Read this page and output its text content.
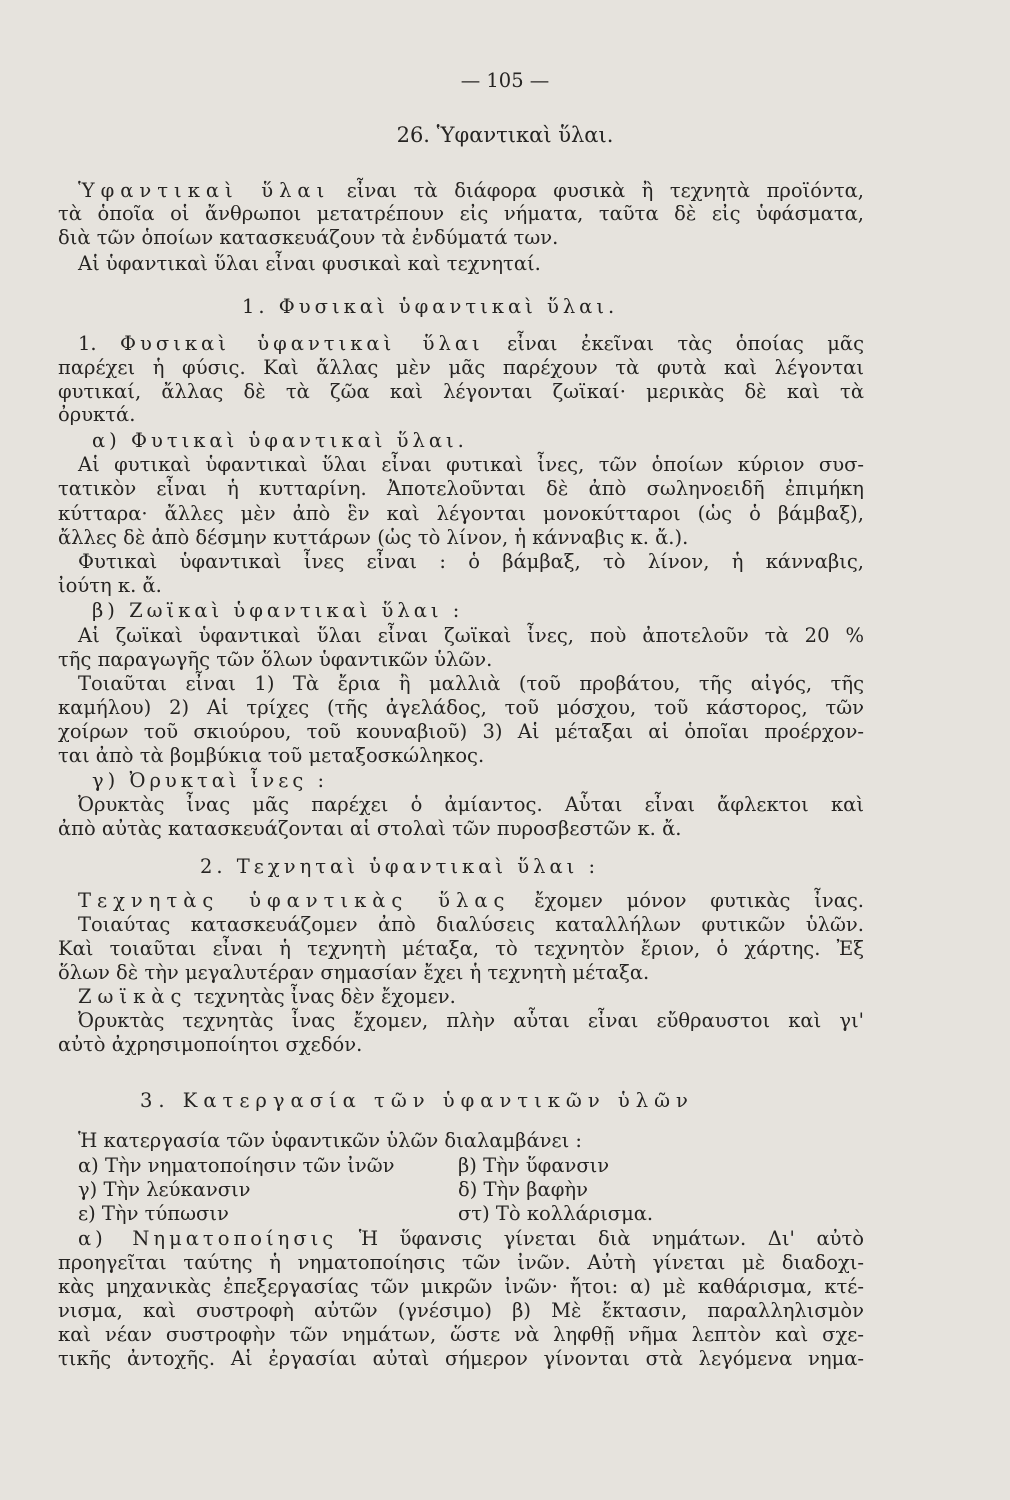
— 105 —
26. Ὑφαντικαὶ ὕλαι.
Ὑφαντικαὶ ὕλαι εἶναι τὰ διάφορα φυσικὰ ἢ τεχνητὰ προϊόντα,
τὰ ὁποῖα οἱ ἄνθρωποι μετατρέπουν εἰς νήματα, ταῦτα δὲ εἰς ὑφάσματα,
διὰ τῶν ὁποίων κατασκευάζουν τὰ ἐνδύματά των.
Αἱ ὑφαντικαὶ ὕλαι εἶναι φυσικαὶ καὶ τεχνηταί.
1. Φυσικαὶ ὑφαντικαὶ ὕλαι.
1. Φυσικαὶ ὑφαντικαὶ ὕλαι εἶναι ἐκεῖναι τὰς ὁποίας μᾶς
παρέχει ἡ φύσις. Καὶ ἄλλας μὲν μᾶς παρέχουν τὰ φυτὰ καὶ λέγονται
φυτικαί, ἄλλας δὲ τὰ ζῶα καὶ λέγονται ζωϊκαί· μερικὰς δὲ καὶ τὰ
ὀρυκτά.
α) Φυτικαὶ ὑφαντικαὶ ὕλαι.
Αἱ φυτικαὶ ὑφαντικαὶ ὕλαι εἶναι φυτικαὶ ἶνες, τῶν ὁποίων κύριον συσ-
τατικὸν εἶναι ἡ κυτταρίνη. Ἀποτελοῦνται δὲ ἀπὸ σωληνοειδῆ ἐπιμήκη
κύτταρα· ἄλλες μὲν ἀπὸ ἓν καὶ λέγονται μονοκύτταροι (ὡς ὁ βάμβαξ),
ἄλλες δὲ ἀπὸ δέσμην κυττάρων (ὡς τὸ λίνον, ἡ κάνναβις κ. ἄ.).
Φυτικαὶ ὑφαντικαὶ ἶνες εἶναι : ὁ βάμβαξ, τὸ λίνον, ἡ κάνναβις,
ἰούτη κ. ἄ.
β) Ζωϊκαὶ ὑφαντικαὶ ὕλαι :
Αἱ ζωϊκαὶ ὑφαντικαὶ ὕλαι εἶναι ζωϊκαὶ ἶνες, ποὺ ἀποτελοῦν τὰ 20 %
τῆς παραγωγῆς τῶν ὅλων ὑφαντικῶν ὑλῶν.
Τοιαῦται εἶναι 1) Τὰ ἔρια ἢ μαλλιὰ (τοῦ προβάτου, τῆς αἰγός, τῆς
καμήλου) 2) Αἱ τρίχες (τῆς ἀγελάδος, τοῦ μόσχου, τοῦ κάστορος, τῶν
χοίρων τοῦ σκιούρου, τοῦ κουναβιοῦ) 3) Αἱ μέταξαι αἱ ὁποῖαι προέρχον-
ται ἀπὸ τὰ βομβύκια τοῦ μεταξοσκώληκος.
γ) Ὀρυκταὶ ἶνες :
Ὀρυκτὰς ἶνας μᾶς παρέχει ὁ ἀμίαντος. Αὗται εἶναι ἄφλεκτοι καὶ
ἀπὸ αὐτὰς κατασκευάζονται αἱ στολαὶ τῶν πυροσβεστῶν κ. ἄ.
2. Τεχνηταὶ ὑφαντικαὶ ὕλαι :
Τεχνητὰς ὑφαντικὰς ὕλας ἔχομεν μόνον φυτικὰς ἶνας.
Τοιαύτας κατασκευάζομεν ἀπὸ διαλύσεις καταλλήλων φυτικῶν ὑλῶν.
Καὶ τοιαῦται εἶναι ἡ τεχνητὴ μέταξα, τὸ τεχνητὸν ἔριον, ὁ χάρτης. Ἐξ
ὅλων δὲ τὴν μεγαλυτέραν σημασίαν ἔχει ἡ τεχνητὴ μέταξα.
Ζωϊκὰς τεχνητὰς ἶνας δὲν ἔχομεν.
Ὀρυκτὰς τεχνητὰς ἶνας ἔχομεν, πλὴν αὗται εἶναι εὔθραυστοι καὶ γι'
αὐτὸ ἀχρησιμοποίητοι σχεδόν.
3. Κατεργασία τῶν ὑφαντικῶν ὑλῶν
Ἡ κατεργασία τῶν ὑφαντικῶν ὑλῶν διαλαμβάνει :
α) Τὴν νηματοποίησιν τῶν ἰνῶν	β) Τὴν ὕφανσιν
γ) Τὴν λεύκανσιν	δ) Τὴν βαφὴν
ε) Τὴν τύπωσιν	στ) Τὸ κολλάρισμα.
α) Νηματοποίησις Ἡ ὕφανσις γίνεται διὰ νημάτων. Δι' αὐτὸ
προηγεῖται ταύτης ἡ νηματοποίησις τῶν ἰνῶν. Αὐτὴ γίνεται μὲ διαδοχι-
κὰς μηχανικὰς ἐπεξεργασίας τῶν μικρῶν ἰνῶν· ἤτοι: α) μὲ καθάρισμα, κτέ-
νισμα, καὶ συστροφὴ αὐτῶν (γνέσιμο) β) Μὲ ἔκτασιν, παραλληλισμὸν
καὶ νέαν συστροφὴν τῶν νημάτων, ὥστε νὰ ληφθῇ νῆμα λεπτὸν καὶ σχε-
τικῆς ἀντοχῆς. Αἱ ἐργασίαι αὐταὶ σήμερον γίνονται στὰ λεγόμενα νημα-
